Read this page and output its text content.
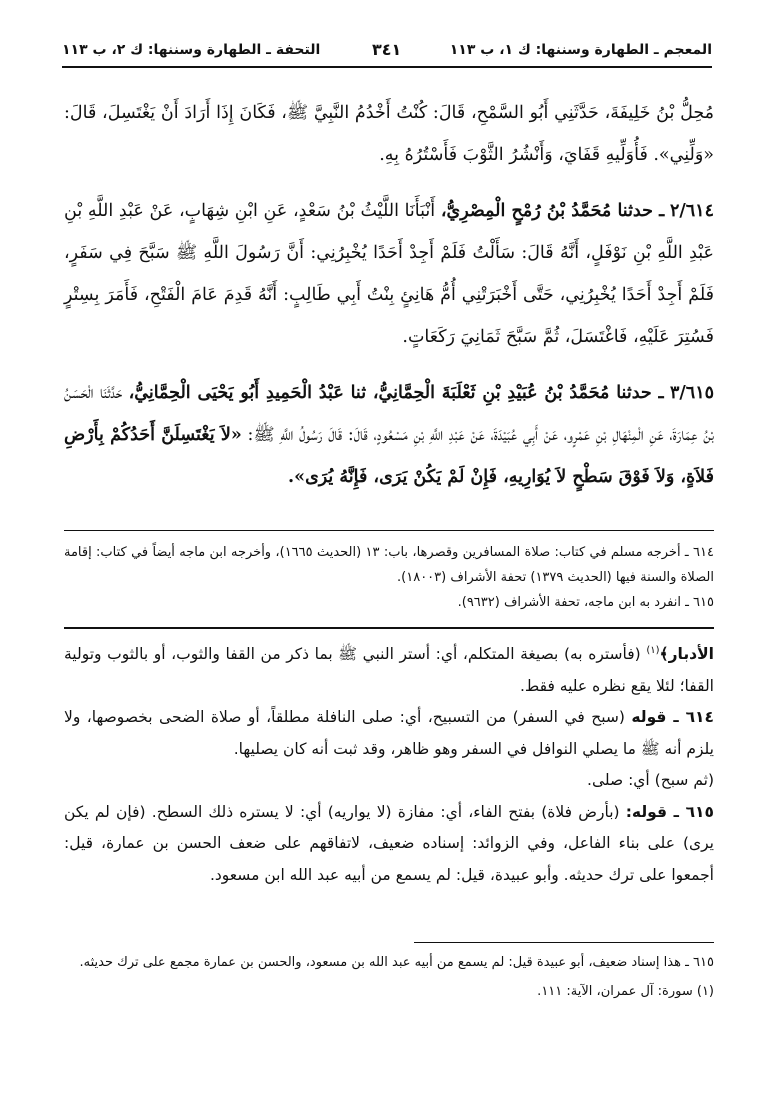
المعجم ـ الطهارة وسننها: ك ١، ب ١١٣
٣٤١
التحفة ـ الطهارة وسننها: ك ٢، ب ١١٣

مُحِلُّ بْنُ خَلِيفَةَ، حَدَّثَنِي أَبُو السَّمْحِ، قَالَ: كُنْتُ أَخْدُمُ النَّبِيَّ ﷺ، فَكَانَ إِذَا أَرَادَ أَنْ يَغْتَسِلَ، قَالَ: «وَلِّنِي». فَأُوَلِّيهِ قَفَايَ، وَأَنْشُرُ الثَّوْبَ فَأَسْتُرُهُ بِهِ.

٢/٦١٤ ـ حدثنا مُحَمَّدُ بْنُ رُمْحٍ الْمِصْرِيُّ، أَنْبَأَنَا اللَّيْثُ بْنُ سَعْدٍ، عَنِ ابْنِ شِهَابٍ، عَنْ عَبْدِ اللَّهِ بْنِ عَبْدِ اللَّهِ بْنِ نَوْفَلٍ، أَنَّهُ قَالَ: سَأَلْتُ فَلَمْ أَجِدْ أَحَدًا يُخْبِرُنِي: أَنَّ رَسُولَ اللَّهِ ﷺ سَبَّحَ فِي سَفَرٍ، فَلَمْ أَجِدْ أَحَدًا يُخْبِرُنِي، حَتَّى أَخْبَرَتْنِي أُمُّ هَانِئٍ بِنْتُ أَبِي طَالِبٍ: أَنَّهُ قَدِمَ عَامَ الْفَتْحِ، فَأَمَرَ بِسِتْرٍ فَسُتِرَ عَلَيْهِ، فَاغْتَسَلَ، ثُمَّ سَبَّحَ ثَمَانِيَ رَكَعَاتٍ.

٣/٦١٥ ـ حدثنا مُحَمَّدُ بْنُ عُبَيْدِ بْنِ ثَعْلَبَةَ الْحِمَّانِيُّ، ثنا عَبْدُ الْحَمِيدِ أَبُو يَحْيَى الْحِمَّانِيُّ، حَدَّثَنَا الْحَسَنُ بْنُ عِمَارَةَ، عَنِ الْمِنْهَالِ بْنِ عَمْرٍو، عَنْ أَبِي عُبَيْدَةَ، عَنْ عَبْدِ اللَّهِ بْنِ مَسْعُودٍ، قَالَ: قَالَ رَسُولُ اللَّهِ ﷺ: «لاَ يَغْتَسِلَنَّ أَحَدُكُمْ بِأَرْضِ فَلاَةٍ، وَلاَ فَوْقَ سَطْحٍ لاَ يُوَارِيهِ، فَإِنْ لَمْ يَكُنْ يَرَى، فَإِنَّهُ يُرَى».

٦١٤ ـ أخرجه مسلم في كتاب: صلاة المسافرين وقصرها، باب: ١٣ (الحديث ١٦٦٥)، وأخرجه ابن ماجه أيضاً في كتاب: إقامة الصلاة والسنة فيها (الحديث ١٣٧٩) تحفة الأشراف (١٨٠٠٣).

٦١٥ ـ انفرد به ابن ماجه، تحفة الأشراف (٩٦٣٢).

الأدبار﴾$^{(١)}$ (فأستره به) بصيغة المتكلم، أي: أستر النبي ﷺ بما ذكر من القفا والثوب، أو بالثوب وتولية القفا؛ لئلا يقع نظره عليه فقط.

٦١٤ ـ قوله (سبح في السفر) من التسبيح، أي: صلى النافلة مطلقاً، أو صلاة الضحى بخصوصها، ولا يلزم أنه ﷺ ما يصلي النوافل في السفر وهو ظاهر، وقد ثبت أنه كان يصليها.

(ثم سبح) أي: صلى.

٦١٥ ـ قوله: (بأرض فلاة) بفتح الفاء، أي: مفازة (لا يواريه) أي: لا يستره ذلك السطح. (فإن لم يكن يرى) على بناء الفاعل، وفي الزوائد: إسناده ضعيف، لاتفاقهم على ضعف الحسن بن عمارة، قيل: أجمعوا على ترك حديثه. وأبو عبيدة، قيل: لم يسمع من أبيه عبد الله ابن مسعود.

٦١٥ ـ هذا إسناد ضعيف، أبو عبيدة قيل: لم يسمع من أبيه عبد الله بن مسعود، والحسن بن عمارة مجمع على ترك حديثه.

(١) سورة: آل عمران، الآية: ١١١.
